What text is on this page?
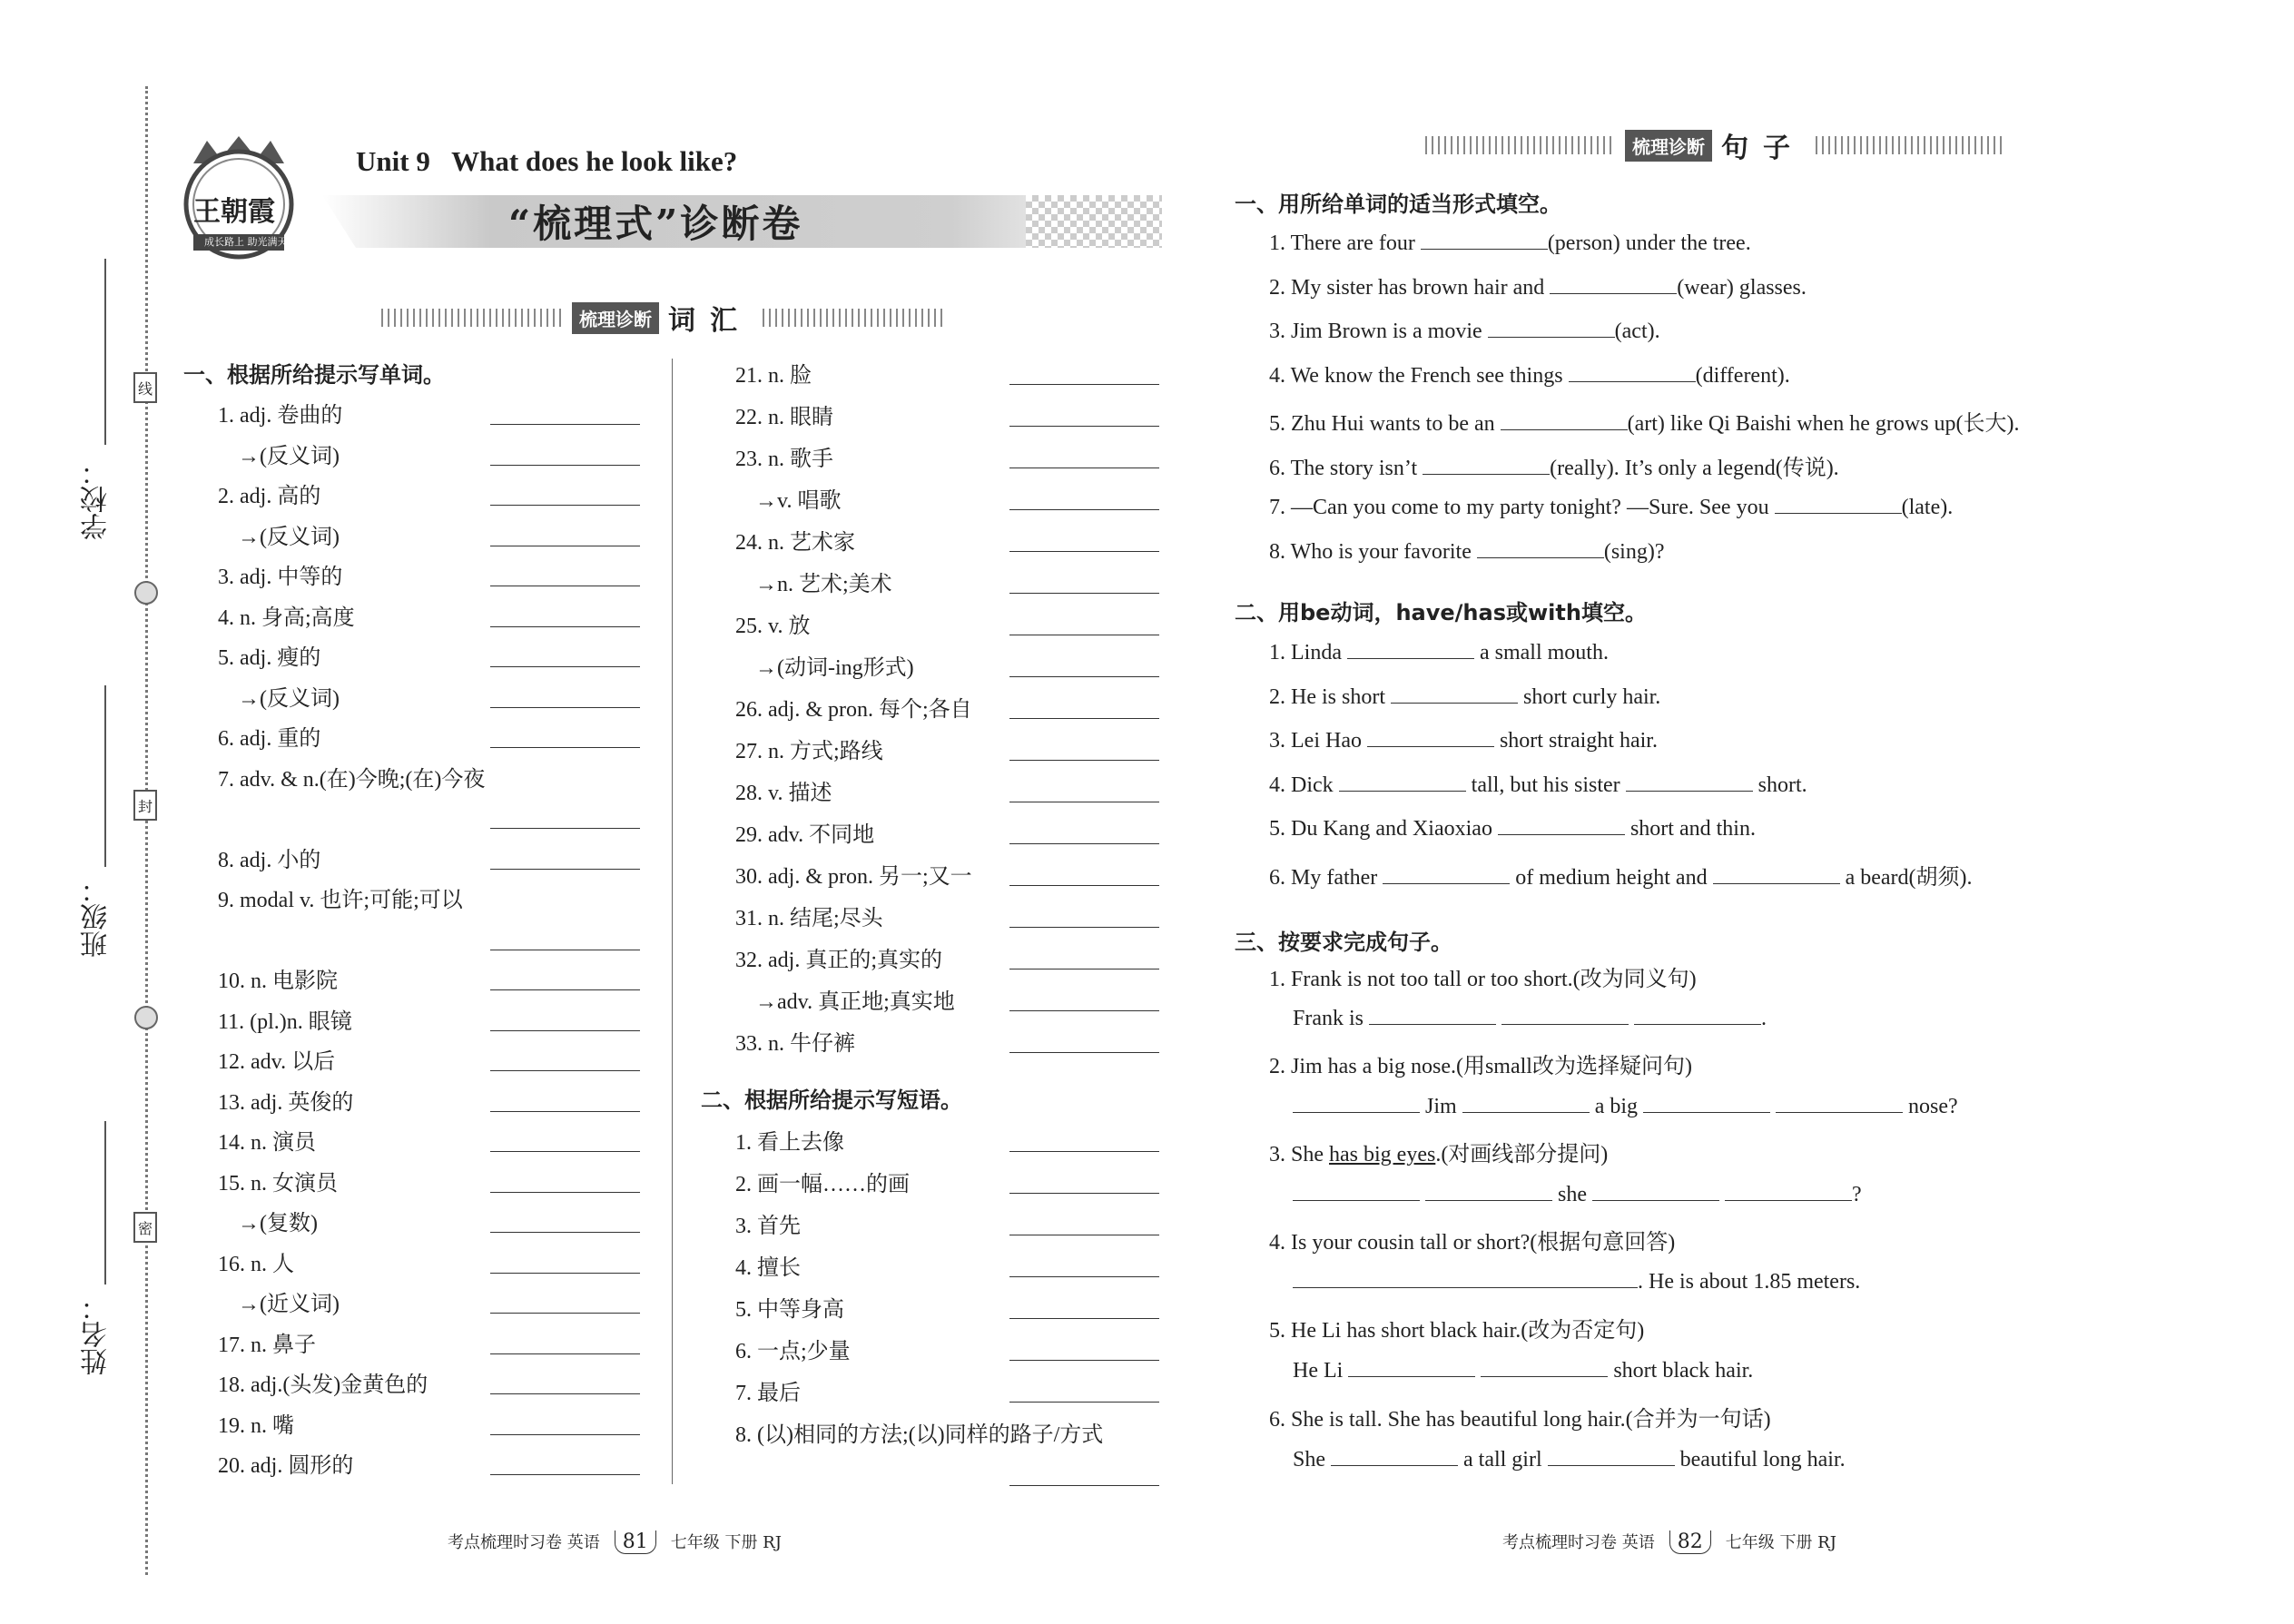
学校：
班级：
姓名：
线
封
密
王朝霞
成长路上 助光满天
Unit 9 What does he look like?
“梳理式”诊断卷
梳理诊断 词汇
一、根据所给提示写单词。
1. adj. 卷曲的
→(反义词)
2. adj. 高的
→(反义词)
3. adj. 中等的
4. n. 身高;高度
5. adj. 瘦的
→(反义词)
6. adj. 重的
7. adv. & n.(在)今晚;(在)今夜
8. adj. 小的
9. modal v. 也许;可能;可以
10. n. 电影院
11. (pl.)n. 眼镜
12. adv. 以后
13. adj. 英俊的
14. n. 演员
15. n. 女演员
→(复数)
16. n. 人
→(近义词)
17. n. 鼻子
18. adj.(头发)金黄色的
19. n. 嘴
20. adj. 圆形的
21. n. 脸
22. n. 眼睛
23. n. 歌手
→v. 唱歌
24. n. 艺术家
→n. 艺术;美术
25. v. 放
→(动词-ing形式)
26. adj. & pron. 每个;各自
27. n. 方式;路线
28. v. 描述
29. adv. 不同地
30. adj. & pron. 另一;又一
31. n. 结尾;尽头
32. adj. 真正的;真实的
→adv. 真正地;真实地
33. n. 牛仔裤
二、根据所给提示写短语。
1. 看上去像
2. 画一幅……的画
3. 首先
4. 擅长
5. 中等身高
6. 一点;少量
7. 最后
8. (以)相同的方法;(以)同样的路子/方式
考点梳理时习卷 英语 81 七年级 下册 RJ
梳理诊断 句子
一、用所给单词的适当形式填空。
1. There are four	(person) under the tree.
2. My sister has brown hair and	(wear) glasses.
3. Jim Brown is a movie	(act).
4. We know the French see things	(different).
5. Zhu Hui wants to be an	(art) like Qi Baishi when he grows up(长大).
6. The story isn’t	(really). It’s only a legend(传说).
7. —Can you come to my party tonight? —Sure. See you	(late).
8. Who is your favorite	(sing)?
二、用be动词，have/has或with填空。
1. Linda	a small mouth.
2. He is short	short curly hair.
3. Lei Hao	short straight hair.
4. Dick	tall, but his sister	short.
5. Du Kang and Xiaoxiao	short and thin.
6. My father	of medium height and	a beard(胡须).
三、按要求完成句子。
1. Frank is not too tall or too short.(改为同义句)
Frank is	.
2. Jim has a big nose.(用small改为选择疑问句)
Jim	a big	nose?
3. She has big eyes.(对画线部分提问)
she	?
4. Is your cousin tall or short?(根据句意回答)
. He is about 1.85 meters.
5. He Li has short black hair.(改为否定句)
He Li	short black hair.
6. She is tall. She has beautiful long hair.(合并为一句话)
She	a tall girl	beautiful long hair.
考点梳理时习卷 英语 82 七年级 下册 RJ
